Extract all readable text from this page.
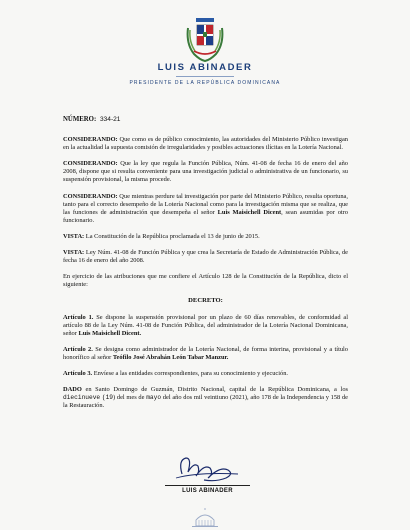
LUIS ABINADER
PRESIDENTE DE LA REPÚBLICA DOMINICANA
NÚMERO: 334-21

CONSIDERANDO: Que como es de público conocimiento, las autoridades del Ministerio Público investigan en la actualidad la supuesta comisión de irregularidades y posibles actuaciones ilícitas en la Lotería Nacional.

CONSIDERANDO: Que la ley que regula la Función Pública, Núm. 41-08 de fecha 16 de enero del año 2008, dispone que si resulta conveniente para una investigación judicial o administrativa de un funcionario, su suspensión provisional, la misma procede.

CONSIDERANDO: Que mientras perdure tal investigación por parte del Ministerio Público, resulta oportuna, tanto para el correcto desempeño de la Lotería Nacional como para la investigación misma que se realiza, que las funciones de administración que desempeña el señor Luis Maisichell Dicent, sean asumidas por otro funcionario.

VISTA: La Constitución de la República proclamada el 13 de junio de 2015.

VISTA: Ley Núm. 41-08 de Función Pública y que crea la Secretaría de Estado de Administración Pública, de fecha 16 de enero del año 2008.

En ejercicio de las atribuciones que me confiere el Artículo 128 de la Constitución de la República, dicto el siguiente:

DECRETO:

Artículo 1. Se dispone la suspensión provisional por un plazo de 60 días renovables, de conformidad al artículo 88 de la Ley Núm. 41-08 de Función Pública, del administrador de la Lotería Nacional Dominicana, señor Luis Maisichell Dicent.

Artículo 2. Se designa como administrador de la Lotería Nacional, de forma interina, provisional y a título honorífico al señor Teófilo José Abrahán León Tabar Manzur.

Artículo 3. Envíese a las entidades correspondientes, para su conocimiento y ejecución.

DADO en Santo Domingo de Guzmán, Distrito Nacional, capital de la República Dominicana, a los diecinueve (19) del mes de mayo del año dos mil veintiuno (2021), año 178 de la Independencia y 158 de la Restauración.

LUIS ABINADER
